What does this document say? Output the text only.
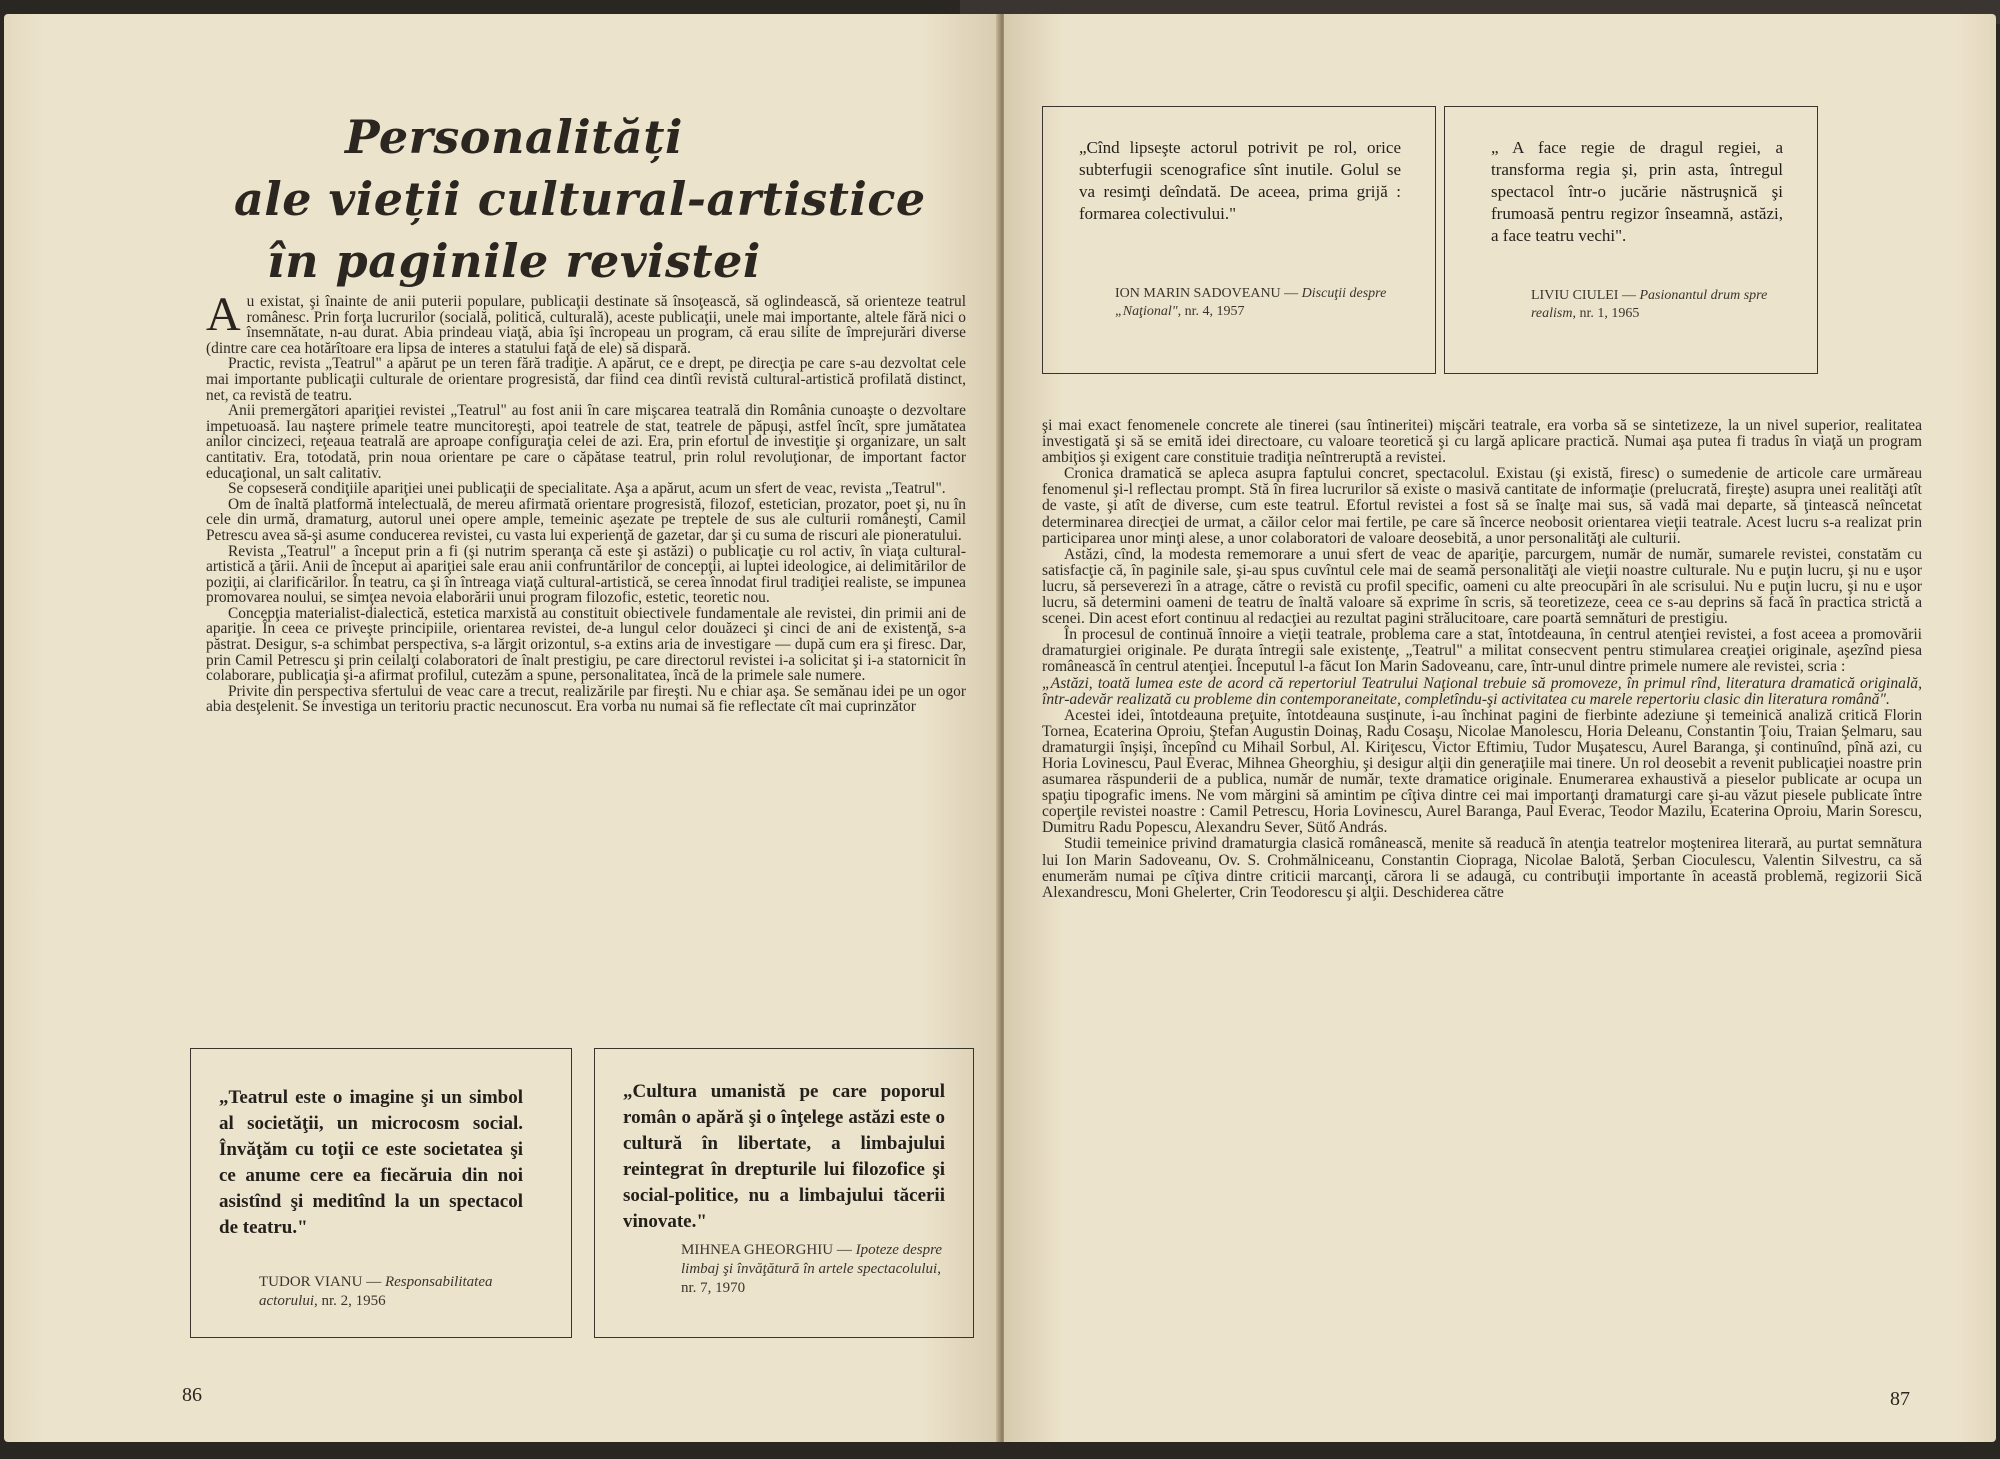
Personalități
ale vieții cultural-artistice
în paginile revistei

Au existat, şi înainte de anii puterii populare, publicaţii destinate să însoţească, să oglindească, să orienteze teatrul românesc. Prin forţa lucrurilor (socială, politică, culturală), aceste publicaţii, unele mai importante, altele fără nici o însemnătate, n-au durat. Abia prindeau viaţă, abia îşi încropeau un program, că erau silite de împrejurări diverse (dintre care cea hotărîtoare era lipsa de interes a statului faţă de ele) să dispară.

Practic, revista „Teatrul" a apărut pe un teren fără tradiţie. A apărut, ce e drept, pe direcţia pe care s-au dezvoltat cele mai importante publicaţii culturale de orientare progresistă, dar fiind cea dintîi revistă cultural-artistică profilată distinct, net, ca revistă de teatru.

Anii premergători apariţiei revistei „Teatrul" au fost anii în care mişcarea teatrală din România cunoaşte o dezvoltare impetuoasă. Iau naştere primele teatre muncitoreşti, apoi teatrele de stat, teatrele de păpuşi, astfel încît, spre jumătatea anilor cincizeci, reţeaua teatrală are aproape configuraţia celei de azi. Era, prin efortul de investiţie şi organizare, un salt cantitativ. Era, totodată, prin noua orientare pe care o căpătase teatrul, prin rolul revoluţionar, de important factor educaţional, un salt calitativ.

Se copseseră condiţiile apariţiei unei publicaţii de specialitate. Aşa a apărut, acum un sfert de veac, revista „Teatrul".

Om de înaltă platformă intelectuală, de mereu afirmată orientare progresistă, filozof, estetician, prozator, poet şi, nu în cele din urmă, dramaturg, autorul unei opere ample, temeinic aşezate pe treptele de sus ale culturii româneşti, Camil Petrescu avea să-şi asume conducerea revistei, cu vasta lui experienţă de gazetar, dar şi cu suma de riscuri ale pioneratului.

Revista „Teatrul" a început prin a fi (şi nutrim speranţa că este şi astăzi) o publicaţie cu rol activ, în viaţa cultural-artistică a ţării. Anii de început ai apariţiei sale erau anii confruntărilor de concepţii, ai luptei ideologice, ai delimitărilor de poziţii, ai clarificărilor. În teatru, ca şi în întreaga viaţă cultural-artistică, se cerea înnodat firul tradiţiei realiste, se impunea promovarea noului, se simţea nevoia elaborării unui program filozofic, estetic, teoretic nou.

Concepţia materialist-dialectică, estetica marxistă au constituit obiectivele fundamentale ale revistei, din primii ani de apariţie. În ceea ce priveşte principiile, orientarea revistei, de-a lungul celor douăzeci şi cinci de ani de existenţă, s-a păstrat. Desigur, s-a schimbat perspectiva, s-a lărgit orizontul, s-a extins aria de investigare — după cum era şi firesc. Dar, prin Camil Petrescu şi prin ceilalţi colaboratori de înalt prestigiu, pe care directorul revistei i-a solicitat şi i-a statornicit în colaborare, publicaţia şi-a afirmat profilul, cutezăm a spune, personalitatea, încă de la primele sale numere.

Privite din perspectiva sfertului de veac care a trecut, realizările par fireşti. Nu e chiar aşa. Se semănau idei pe un ogor abia desţelenit. Se investiga un teritoriu practic necunoscut. Era vorba nu numai să fie reflectate cît mai cuprinzător

„Teatrul este o imagine şi un simbol al societăţii, un microcosm social. Învăţăm cu toţii ce este societatea şi ce anume cere ea fiecăruia din noi asistînd şi meditînd la un spectacol de teatru."
TUDOR VIANU — Responsabilitatea actorului, nr. 2, 1956
„Cultura umanistă pe care poporul român o apără şi o înţelege astăzi este o cultură în libertate, a limbajului reintegrat în drepturile lui filozofice şi social-politice, nu a limbajului tăcerii vinovate."
MIHNEA GHEORGHIU — Ipoteze despre limbaj şi învăţătură în artele spectacolului, nr. 7, 1970
86
„Cînd lipseşte actorul potrivit pe rol, orice subterfugii scenografice sînt inutile. Golul se va resimţi deîndată. De aceea, prima grijă : formarea colectivului."
ION MARIN SADOVEANU — Discuţii despre „Naţional", nr. 4, 1957
„ A face regie de dragul regiei, a transforma regia şi, prin asta, întregul spectacol într-o jucărie năstruşnică şi frumoasă pentru regizor înseamnă, astăzi, a face teatru vechi".
LIVIU CIULEI — Pasionantul drum spre realism, nr. 1, 1965

şi mai exact fenomenele concrete ale tinerei (sau întineritei) mişcări teatrale, era vorba să se sintetizeze, la un nivel superior, realitatea investigată şi să se emită idei directoare, cu valoare teoretică şi cu largă aplicare practică. Numai aşa putea fi tradus în viaţă un program ambiţios şi exigent care constituie tradiţia neîntreruptă a revistei.

Cronica dramatică se apleca asupra faptului concret, spectacolul. Existau (şi există, firesc) o sumedenie de articole care urmăreau fenomenul şi-l reflectau prompt. Stă în firea lucrurilor să existe o masivă cantitate de informaţie (prelucrată, fireşte) asupra unei realităţi atît de vaste, şi atît de diverse, cum este teatrul. Efortul revistei a fost să se înalţe mai sus, să vadă mai departe, să ţintească neîncetat determinarea direcţiei de urmat, a căilor celor mai fertile, pe care să încerce neobosit orientarea vieţii teatrale. Acest lucru s-a realizat prin participarea unor minţi alese, a unor colaboratori de valoare deosebită, a unor personalităţi ale culturii.

Astăzi, cînd, la modesta rememorare a unui sfert de veac de apariţie, parcurgem, număr de număr, sumarele revistei, constatăm cu satisfacţie că, în paginile sale, şi-au spus cuvîntul cele mai de seamă personalităţi ale vieţii noastre culturale. Nu e puţin lucru, şi nu e uşor lucru, să perseverezi în a atrage, către o revistă cu profil specific, oameni cu alte preocupări în ale scrisului. Nu e puţin lucru, şi nu e uşor lucru, să determini oameni de teatru de înaltă valoare să exprime în scris, să teoretizeze, ceea ce s-au deprins să facă în practica strictă a scenei. Din acest efort continuu al redacţiei au rezultat pagini strălucitoare, care poartă semnături de prestigiu.

În procesul de continuă înnoire a vieţii teatrale, problema care a stat, întotdeauna, în centrul atenţiei revistei, a fost aceea a promovării dramaturgiei originale. Pe durata întregii sale existenţe, „Teatrul" a militat consecvent pentru stimularea creaţiei originale, aşezînd piesa românească în centrul atenţiei. Începutul l-a făcut Ion Marin Sadoveanu, care, într-unul dintre primele numere ale revistei, scria :

„Astăzi, toată lumea este de acord că repertoriul Teatrului Naţional trebuie să promoveze, în primul rînd, literatura dramatică originală, într-adevăr realizată cu probleme din contemporaneitate, completîndu-şi activitatea cu marele repertoriu clasic din literatura română".

Acestei idei, întotdeauna preţuite, întotdeauna susţinute, i-au închinat pagini de fierbinte adeziune şi temeinică analiză critică Florin Tornea, Ecaterina Oproiu, Ştefan Augustin Doinaş, Radu Cosaşu, Nicolae Manolescu, Horia Deleanu, Constantin Ţoiu, Traian Şelmaru, sau dramaturgii înşişi, începînd cu Mihail Sorbul, Al. Kiriţescu, Victor Eftimiu, Tudor Muşatescu, Aurel Baranga, şi continuînd, pînă azi, cu Horia Lovinescu, Paul Everac, Mihnea Gheorghiu, şi desigur alţii din generaţiile mai tinere. Un rol deosebit a revenit publicaţiei noastre prin asumarea răspunderii de a publica, număr de număr, texte dramatice originale. Enumerarea exhaustivă a pieselor publicate ar ocupa un spaţiu tipografic imens. Ne vom mărgini să amintim pe cîţiva dintre cei mai importanţi dramaturgi care şi-au văzut piesele publicate între coperţile revistei noastre : Camil Petrescu, Horia Lovinescu, Aurel Baranga, Paul Everac, Teodor Mazilu, Ecaterina Oproiu, Marin Sorescu, Dumitru Radu Popescu, Alexandru Sever, Sütő András.

Studii temeinice privind dramaturgia clasică românească, menite să readucă în atenţia teatrelor moştenirea literară, au purtat semnătura lui Ion Marin Sadoveanu, Ov. S. Crohmălniceanu, Constantin Ciopraga, Nicolae Balotă, Şerban Cioculescu, Valentin Silvestru, ca să enumerăm numai pe cîţiva dintre criticii marcanţi, cărora li se adaugă, cu contribuţii importante în această problemă, regizorii Sică Alexandrescu, Moni Ghelerter, Crin Teodorescu şi alţii. Deschiderea către

87
